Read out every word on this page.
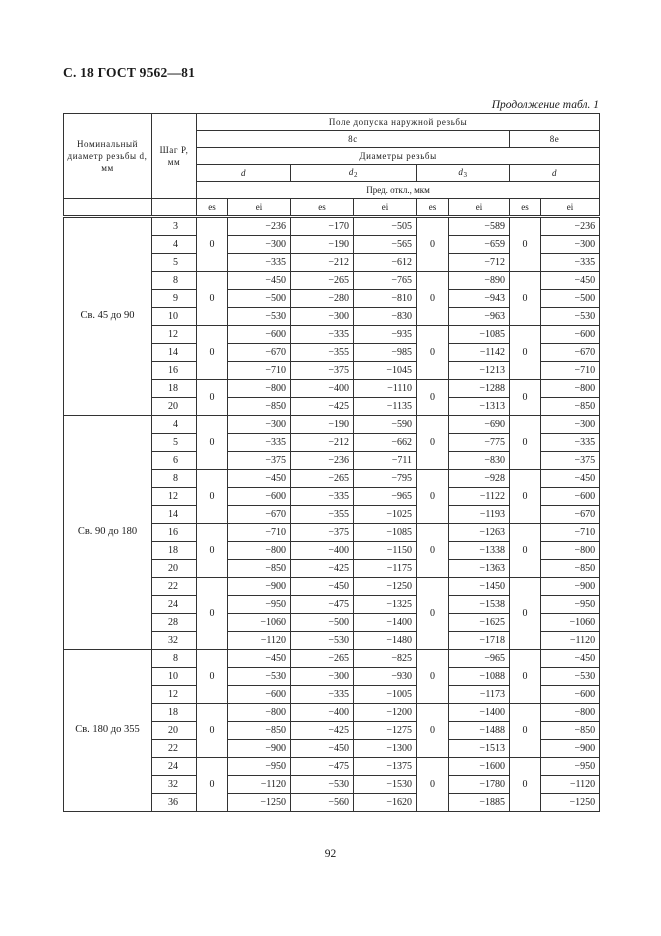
С. 18 ГОСТ 9562—81
Продолжение табл. 1
Номинальный диаметр резьбы d, мм	Шаг P, мм	Поле допуска наружной резьбы							
		8c						8e	
		Диаметры резьбы							
		d		$d_2$		$d_3$		d	
		Пред. откл., мкм							
		es	ei	es	ei	es	ei	es	ei
Св. 45 до 90	3	0	−236	−170	−505	0	−589	0	−236
	4		−300	−190	−565		−659		−300
	5		−335	−212	−612		−712		−335
	8	0	−450	−265	−765	0	−890	0	−450
	9		−500	−280	−810		−943		−500
	10		−530	−300	−830		−963		−530
	12	0	−600	−335	−935	0	−1085	0	−600
	14		−670	−355	−985		−1142		−670
	16		−710	−375	−1045		−1213		−710
	18	0	−800	−400	−1110	0	−1288	0	−800
	20		−850	−425	−1135		−1313		−850
Св. 90 до 180	4	0	−300	−190	−590	0	−690	0	−300
	5		−335	−212	−662		−775		−335
	6		−375	−236	−711		−830		−375
	8	0	−450	−265	−795	0	−928	0	−450
	12		−600	−335	−965		−1122		−600
	14		−670	−355	−1025		−1193		−670
	16	0	−710	−375	−1085	0	−1263	0	−710
	18		−800	−400	−1150		−1338		−800
	20		−850	−425	−1175		−1363		−850
	22	0	−900	−450	−1250	0	−1450	0	−900
	24		−950	−475	−1325		−1538		−950
	28		−1060	−500	−1400		−1625		−1060
	32		−1120	−530	−1480		−1718		−1120
Св. 180 до 355	8	0	−450	−265	−825	0	−965	0	−450
	10		−530	−300	−930		−1088		−530
	12		−600	−335	−1005		−1173		−600
	18	0	−800	−400	−1200	0	−1400	0	−800
	20		−850	−425	−1275		−1488		−850
	22		−900	−450	−1300		−1513		−900
	24	0	−950	−475	−1375	0	−1600	0	−950
	32		−1120	−530	−1530		−1780		−1120
	36		−1250	−560	−1620		−1885		−1250
92
